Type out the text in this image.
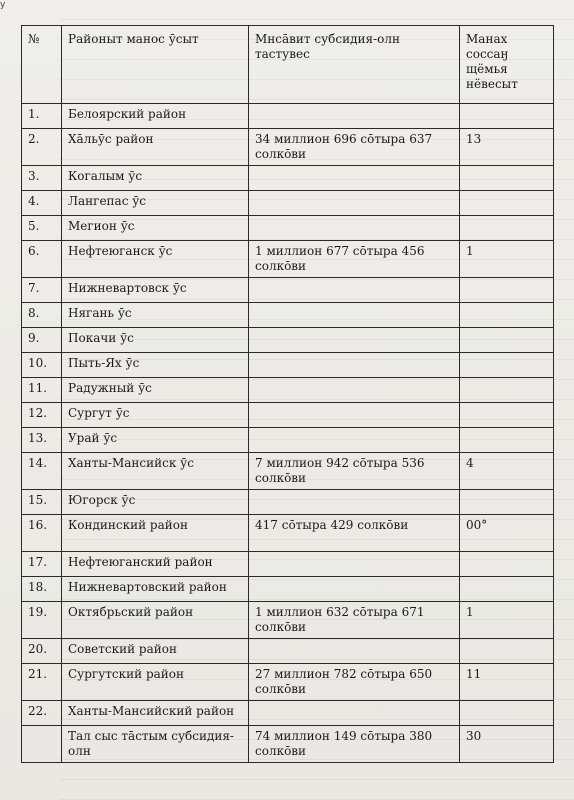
у
№	Районыт манос ӯсыт	Мнсāвит субсидия-олн тастувес	Манах соссаӈ щёмья нёвесыт
1.	Белоярский район		
2.	Хāльӯс район	34 миллион 696 сōтыра 637 солкōви	13
3.	Когалым ӯс		
4.	Лангепас ӯс		
5.	Мегион ӯс		
6.	Нефтеюганск ӯс	1 миллион 677 сōтыра 456 солкōви	1
7.	Нижневартовск ӯс		
8.	Нягань ӯс		
9.	Покачи ӯс		
10.	Пыть-Ях ӯс		
11.	Радужный ӯс		
12.	Сургут ӯс		
13.	Урай ӯс		
14.	Ханты-Мансийск ӯс	7 миллион 942 сōтыра 536 солкōви	4
15.	Югорск ӯс		
16.	Кондинский район	417 сōтыра 429 солкōви	00°
17.	Нефтеюганский район		
18.	Нижневартовский район		
19.	Октябрьский район	1 миллион 632 сōтыра 671 солкōви	1
20.	Советский район		
21.	Сургутский район	27 миллион 782 сōтыра 650 солкōви	11
22.	Ханты-Мансийский район		
	Тал сыс тāстым субсидия-олн	74 миллион 149 сōтыра 380 солкōви	30
